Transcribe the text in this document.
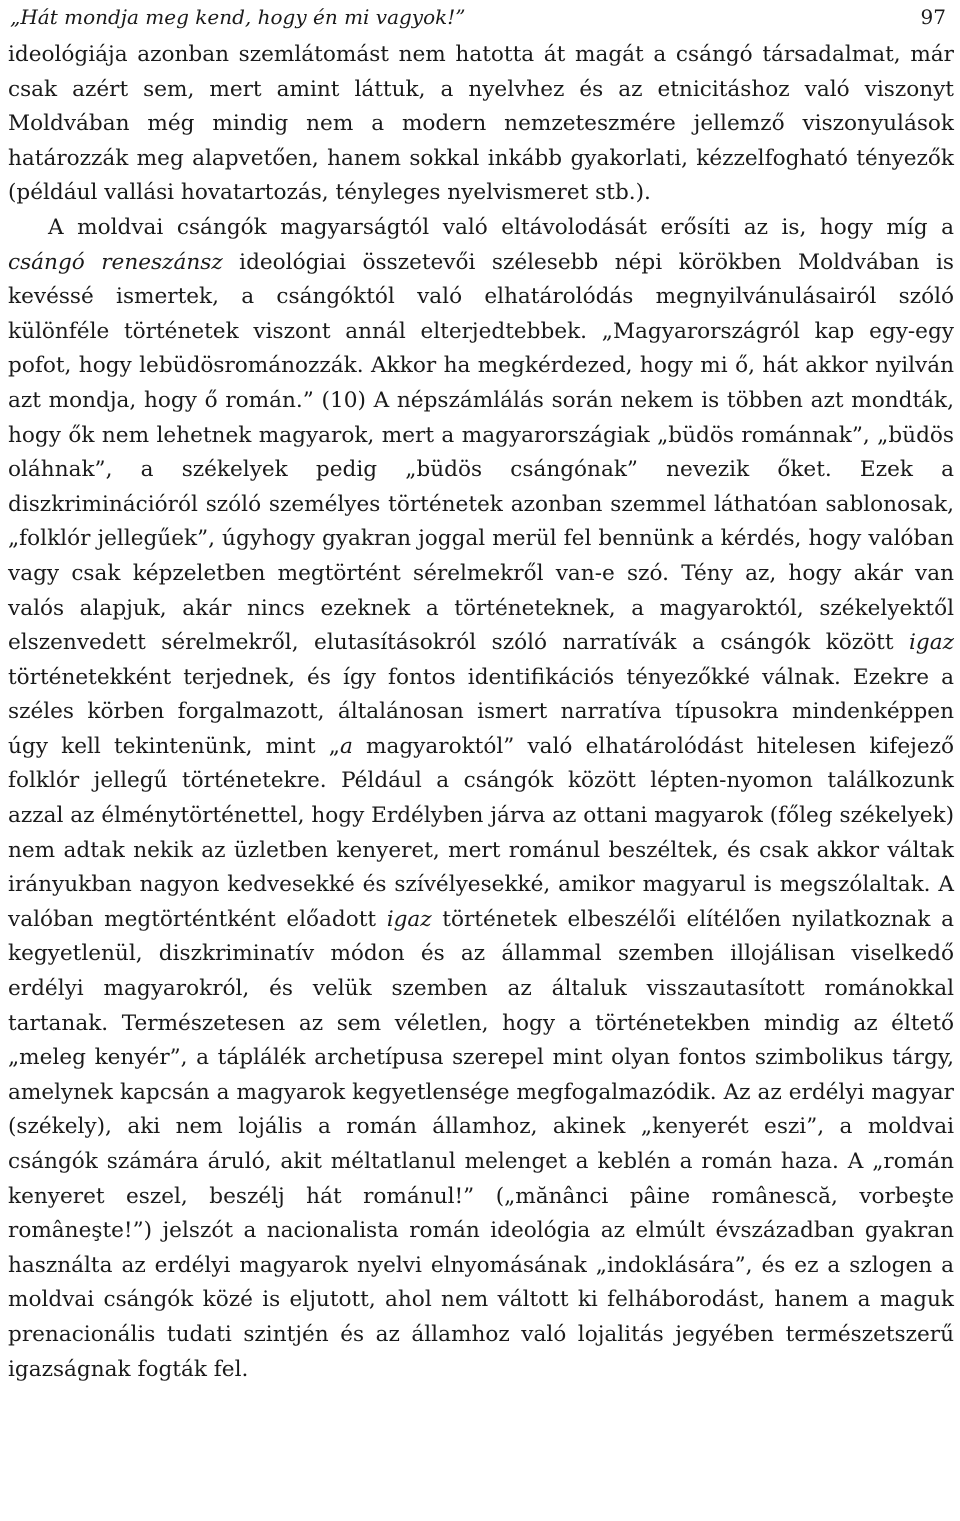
„Hát mondja meg kend, hogy én mi vagyok!”	97

ideológiája azonban szemlátomást nem hatotta át magát a csángó társadalmat, már csak azért sem, mert amint láttuk, a nyelvhez és az etnicitáshoz való viszonyt Moldvában még mindig nem a modern nemzeteszmére jellemző viszonyulások határozzák meg alapvetően, hanem sokkal inkább gyakorlati, kézzelfogható tényezők (például vallási hovatartozás, tényleges nyelvismeret stb.).

A moldvai csángók magyarságtól való eltávolodását erősíti az is, hogy míg a csángó reneszánsz ideológiai összetevői szélesebb népi körökben Moldvában is kevéssé ismertek, a csángóktól való elhatárolódás megnyilvánulásairól szóló különféle történetek viszont annál elterjedtebbek. „Magyarországról kap egy-egy pofot, hogy lebüdösrománozzák. Akkor ha megkérdezed, hogy mi ő, hát akkor nyilván azt mondja, hogy ő román.” (10) A népszámlálás során nekem is többen azt mondták, hogy ők nem lehetnek magyarok, mert a magyarországiak „büdös románnak”, „büdös oláhnak”, a székelyek pedig „büdös csángónak” nevezik őket. Ezek a diszkriminációról szóló személyes történetek azonban szemmel láthatóan sablonosak, „folklór jellegűek”, úgyhogy gyakran joggal merül fel bennünk a kérdés, hogy valóban vagy csak képzeletben megtörtént sérelmekről van-e szó. Tény az, hogy akár van valós alapjuk, akár nincs ezeknek a történeteknek, a magyaroktól, székelyektől elszenvedett sérelmekről, elutasításokról szóló narratívák a csángók között igaz történetekként terjednek, és így fontos identifikációs tényezőkké válnak. Ezekre a széles körben forgalmazott, általánosan ismert narratíva típusokra mindenképpen úgy kell tekintenünk, mint „a magyaroktól” való elhatárolódást hitelesen kifejező folklór jellegű történetekre. Például a csángók között lépten-nyomon találkozunk azzal az élménytörténettel, hogy Erdélyben járva az ottani magyarok (főleg székelyek) nem adtak nekik az üzletben kenyeret, mert románul beszéltek, és csak akkor váltak irányukban nagyon kedvesekké és szívélyesekké, amikor magyarul is megszólaltak. A valóban megtörténtként előadott igaz történetek elbeszélői elítélően nyilatkoznak a kegyetlenül, diszkriminatív módon és az állammal szemben illojálisan viselkedő erdélyi magyarokról, és velük szemben az általuk visszautasított románokkal tartanak. Természetesen az sem véletlen, hogy a történetekben mindig az éltető „meleg kenyér”, a táplálék archetípusa szerepel mint olyan fontos szimbolikus tárgy, amelynek kapcsán a magyarok kegyetlensége megfogalmazódik. Az az erdélyi magyar (székely), aki nem lojális a román államhoz, akinek „kenyerét eszi”, a moldvai csángók számára áruló, akit méltatlanul melenget a keblén a román haza. A „román kenyeret eszel, beszélj hát románul!” („mănânci pâine românescă, vorbeşte româneşte!”) jelszót a nacionalista román ideológia az elmúlt évszázadban gyakran használta az erdélyi magyarok nyelvi elnyomásának „indoklására”, és ez a szlogen a moldvai csángók közé is eljutott, ahol nem váltott ki felháborodást, hanem a maguk prenacionális tudati szintjén és az államhoz való lojalitás jegyében természetszerű igazságnak fogták fel.
